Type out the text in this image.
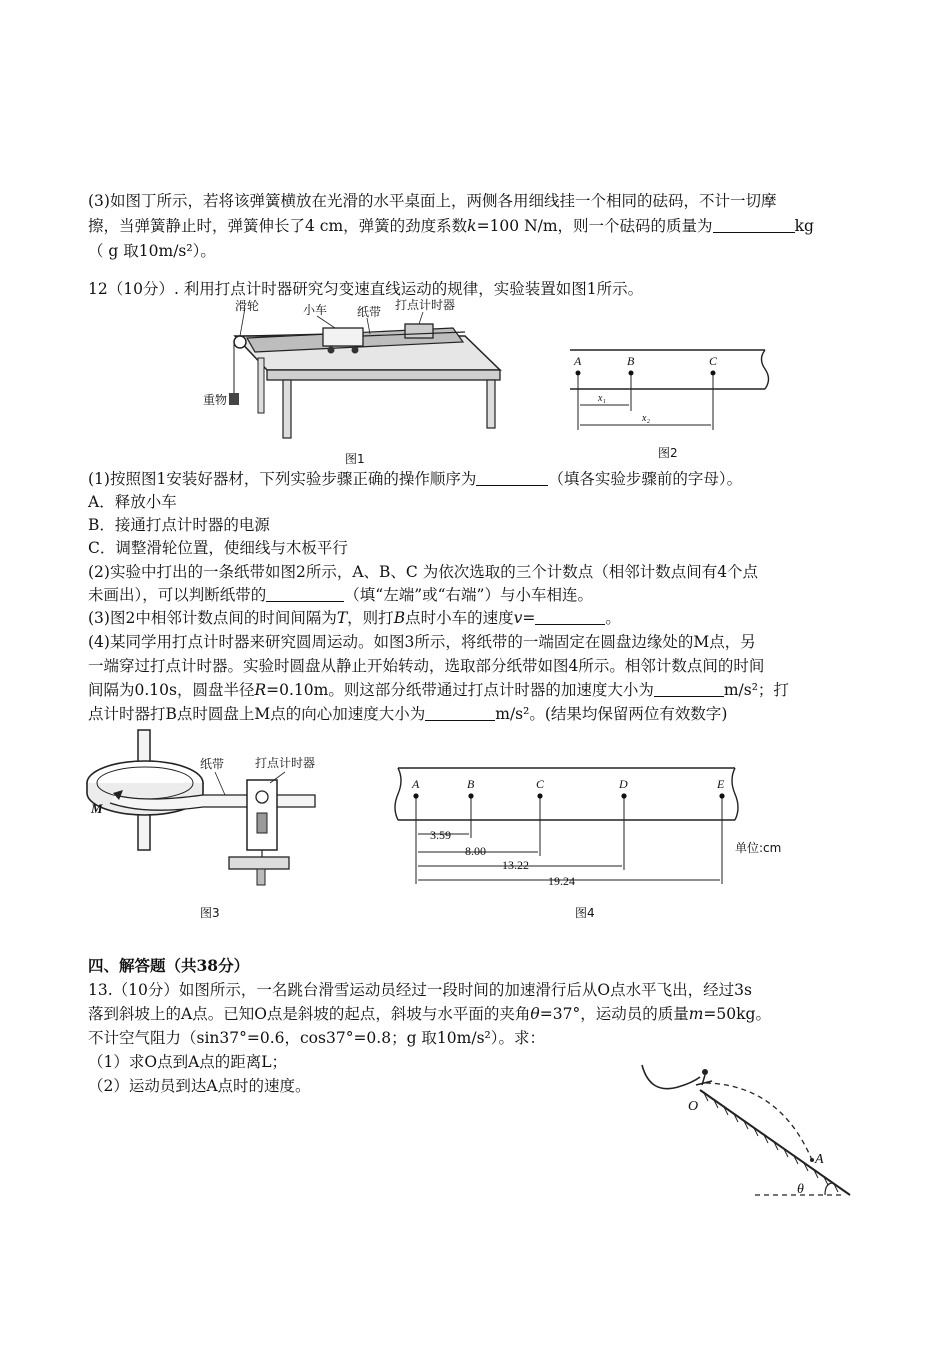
(3)如图丁所示，若将该弹簧横放在光滑的水平桌面上，两侧各用细线挂一个相同的砝码，不计一切摩
擦，当弹簧静止时，弹簧伸长了4 cm，弹簧的劲度系数k=100 N/m，则一个砝码的质量为	kg
（ g 取10m/s²）。
12（10分）. 利用打点计时器研究匀变速直线运动的规律，实验装置如图1所示。
滑轮	小车 纸带 打点计时器
重物
图1
A	B	C
x₁
x₂
图2
(1)按照图1安装好器材，下列实验步骤正确的操作顺序为	（填各实验步骤前的字母）。
A．释放小车
B．接通打点计时器的电源
C．调整滑轮位置，使细线与木板平行
(2)实验中打出的一条纸带如图2所示，A、B、C 为依次选取的三个计数点（相邻计数点间有4个点
未画出），可以判断纸带的	（填“左端”或“右端”）与小车相连。
(3)图2中相邻计数点间的时间间隔为T，则打B点时小车的速度v=	。
(4)某同学用打点计时器来研究圆周运动。如图3所示，将纸带的一端固定在圆盘边缘处的M点，另
一端穿过打点计时器。实验时圆盘从静止开始转动，选取部分纸带如图4所示。相邻计数点间的时间
间隔为0.10s，圆盘半径R=0.10m。则这部分纸带通过打点计时器的加速度大小为	m/s²；打
点计时器打B点时圆盘上M点的向心加速度大小为	m/s²。(结果均保留两位有效数字)
纸带	打点计时器
M
图3
A	B	C	D	E
3.59
8.00
13.22
19.24
单位:cm
图4
四、解答题（共38分）
13.（10分）如图所示，一名跳台滑雪运动员经过一段时间的加速滑行后从O点水平飞出，经过3s
落到斜坡上的A点。已知O点是斜坡的起点，斜坡与水平面的夹角θ=37°，运动员的质量m=50kg。
不计空气阻力（sin37°=0.6，cos37°=0.8；g 取10m/s²）。求：
（1）求O点到A点的距离L；
（2）运动员到达A点时的速度。
O
A
θ
